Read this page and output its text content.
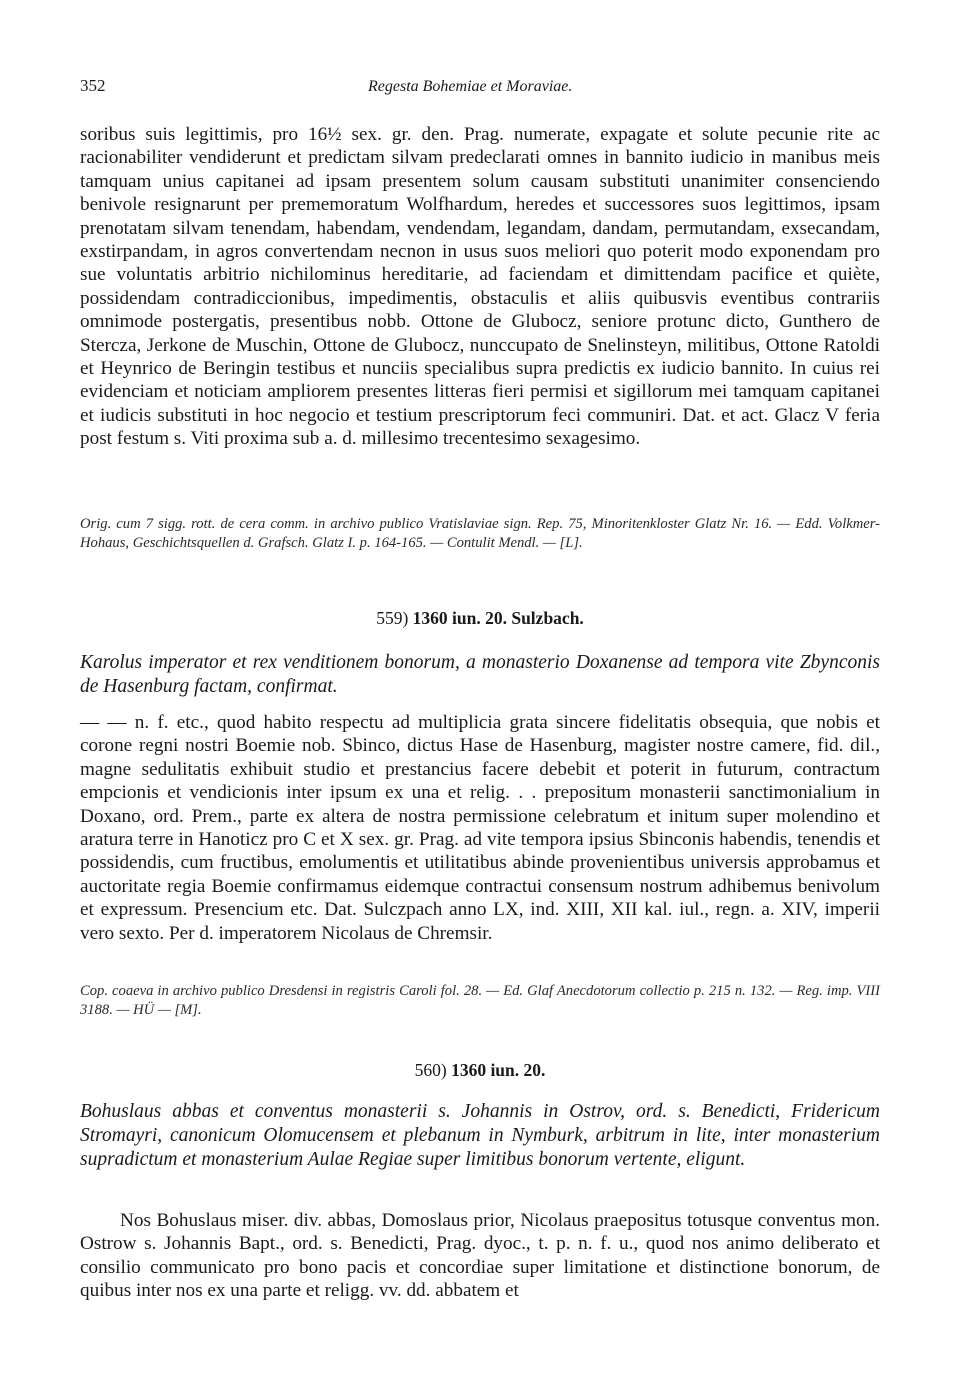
352	Regesta Bohemiae et Moraviae.

soribus suis legittimis, pro 16½ sex. gr. den. Prag. numerate, expagate et solute pecunie rite ac racionabiliter vendiderunt et predictam silvam predeclarati omnes in bannito iudicio in manibus meis tamquam unius capitanei ad ipsam presentem solum causam substituti unanimiter consenciendo benivole resignarunt per prememoratum Wolfhardum, heredes et successores suos legittimos, ipsam prenotatam silvam tenendam, habendam, vendendam, legandam, dandam, permutandam, exsecandam, exstirpandam, in agros convertendam necnon in usus suos meliori quo poterit modo exponendam pro sue voluntatis arbitrio nichilominus hereditarie, ad faciendam et dimittendam pacifice et quiète, possidendam contradiccionibus, impedimentis, obstaculis et aliis quibusvis eventibus contrariis omnimode postergatis, presentibus nobb. Ottone de Glubocz, seniore protunc dicto, Gunthero de Stercza, Jerkone de Muschin, Ottone de Glubocz, nunccupato de Snelinsteyn, militibus, Ottone Ratoldi et Heynrico de Beringin testibus et nunciis specialibus supra predictis ex iudicio bannito. In cuius rei evidenciam et noticiam ampliorem presentes litteras fieri permisi et sigillorum mei tamquam capitanei et iudicis substituti in hoc negocio et testium prescriptorum feci communiri. Dat. et act. Glacz V feria post festum s. Viti proxima sub a. d. millesimo trecentesimo sexagesimo.

Orig. cum 7 sigg. rott. de cera comm. in archivo publico Vratislaviae sign. Rep. 75, Minoritenkloster Glatz Nr. 16. — Edd. Volkmer-Hohaus, Geschichtsquellen d. Grafsch. Glatz I. p. 164-165. — Contulit Mendl. — [L].

559) 1360 iun. 20. Sulzbach.

Karolus imperator et rex venditionem bonorum, a monasterio Doxanense ad tempora vite Zbynconis de Hasenburg factam, confirmat.

— — n. f. etc., quod habito respectu ad multiplicia grata sincere fidelitatis obsequia, que nobis et corone regni nostri Boemie nob. Sbinco, dictus Hase de Hasenburg, magister nostre camere, fid. dil., magne sedulitatis exhibuit studio et prestancius facere debebit et poterit in futurum, contractum empcionis et vendicionis inter ipsum ex una et relig. . . prepositum monasterii sanctimonialium in Doxano, ord. Prem., parte ex altera de nostra permissione celebratum et initum super molendino et aratura terre in Hanoticz pro C et X sex. gr. Prag. ad vite tempora ipsius Sbinconis habendis, tenendis et possidendis, cum fructibus, emolumentis et utilitatibus abinde provenientibus universis approbamus et auctoritate regia Boemie confirmamus eidemque contractui consensum nostrum adhibemus benivolum et expressum. Presencium etc. Dat. Sulczpach anno LX, ind. XIII, XII kal. iul., regn. a. XIV, imperii vero sexto. Per d. imperatorem Nicolaus de Chremsir.

Cop. coaeva in archivo publico Dresdensi in registris Caroli fol. 28. — Ed. Glaf Anecdotorum collectio p. 215 n. 132. — Reg. imp. VIII 3188. — HÜ — [M].

560) 1360 iun. 20.

Bohuslaus abbas et conventus monasterii s. Johannis in Ostrov, ord. s. Benedicti, Fridericum Stromayri, canonicum Olomucensem et plebanum in Nymburk, arbitrum in lite, inter monasterium supradictum et monasterium Aulae Regiae super limitibus bonorum vertente, eligunt.

Nos Bohuslaus miser. div. abbas, Domoslaus prior, Nicolaus praepositus totusque conventus mon. Ostrow s. Johannis Bapt., ord. s. Benedicti, Prag. dyoc., t. p. n. f. u., quod nos animo deliberato et consilio communicato pro bono pacis et concordiae super limitatione et distinctione bonorum, de quibus inter nos ex una parte et religg. vv. dd. abbatem et
